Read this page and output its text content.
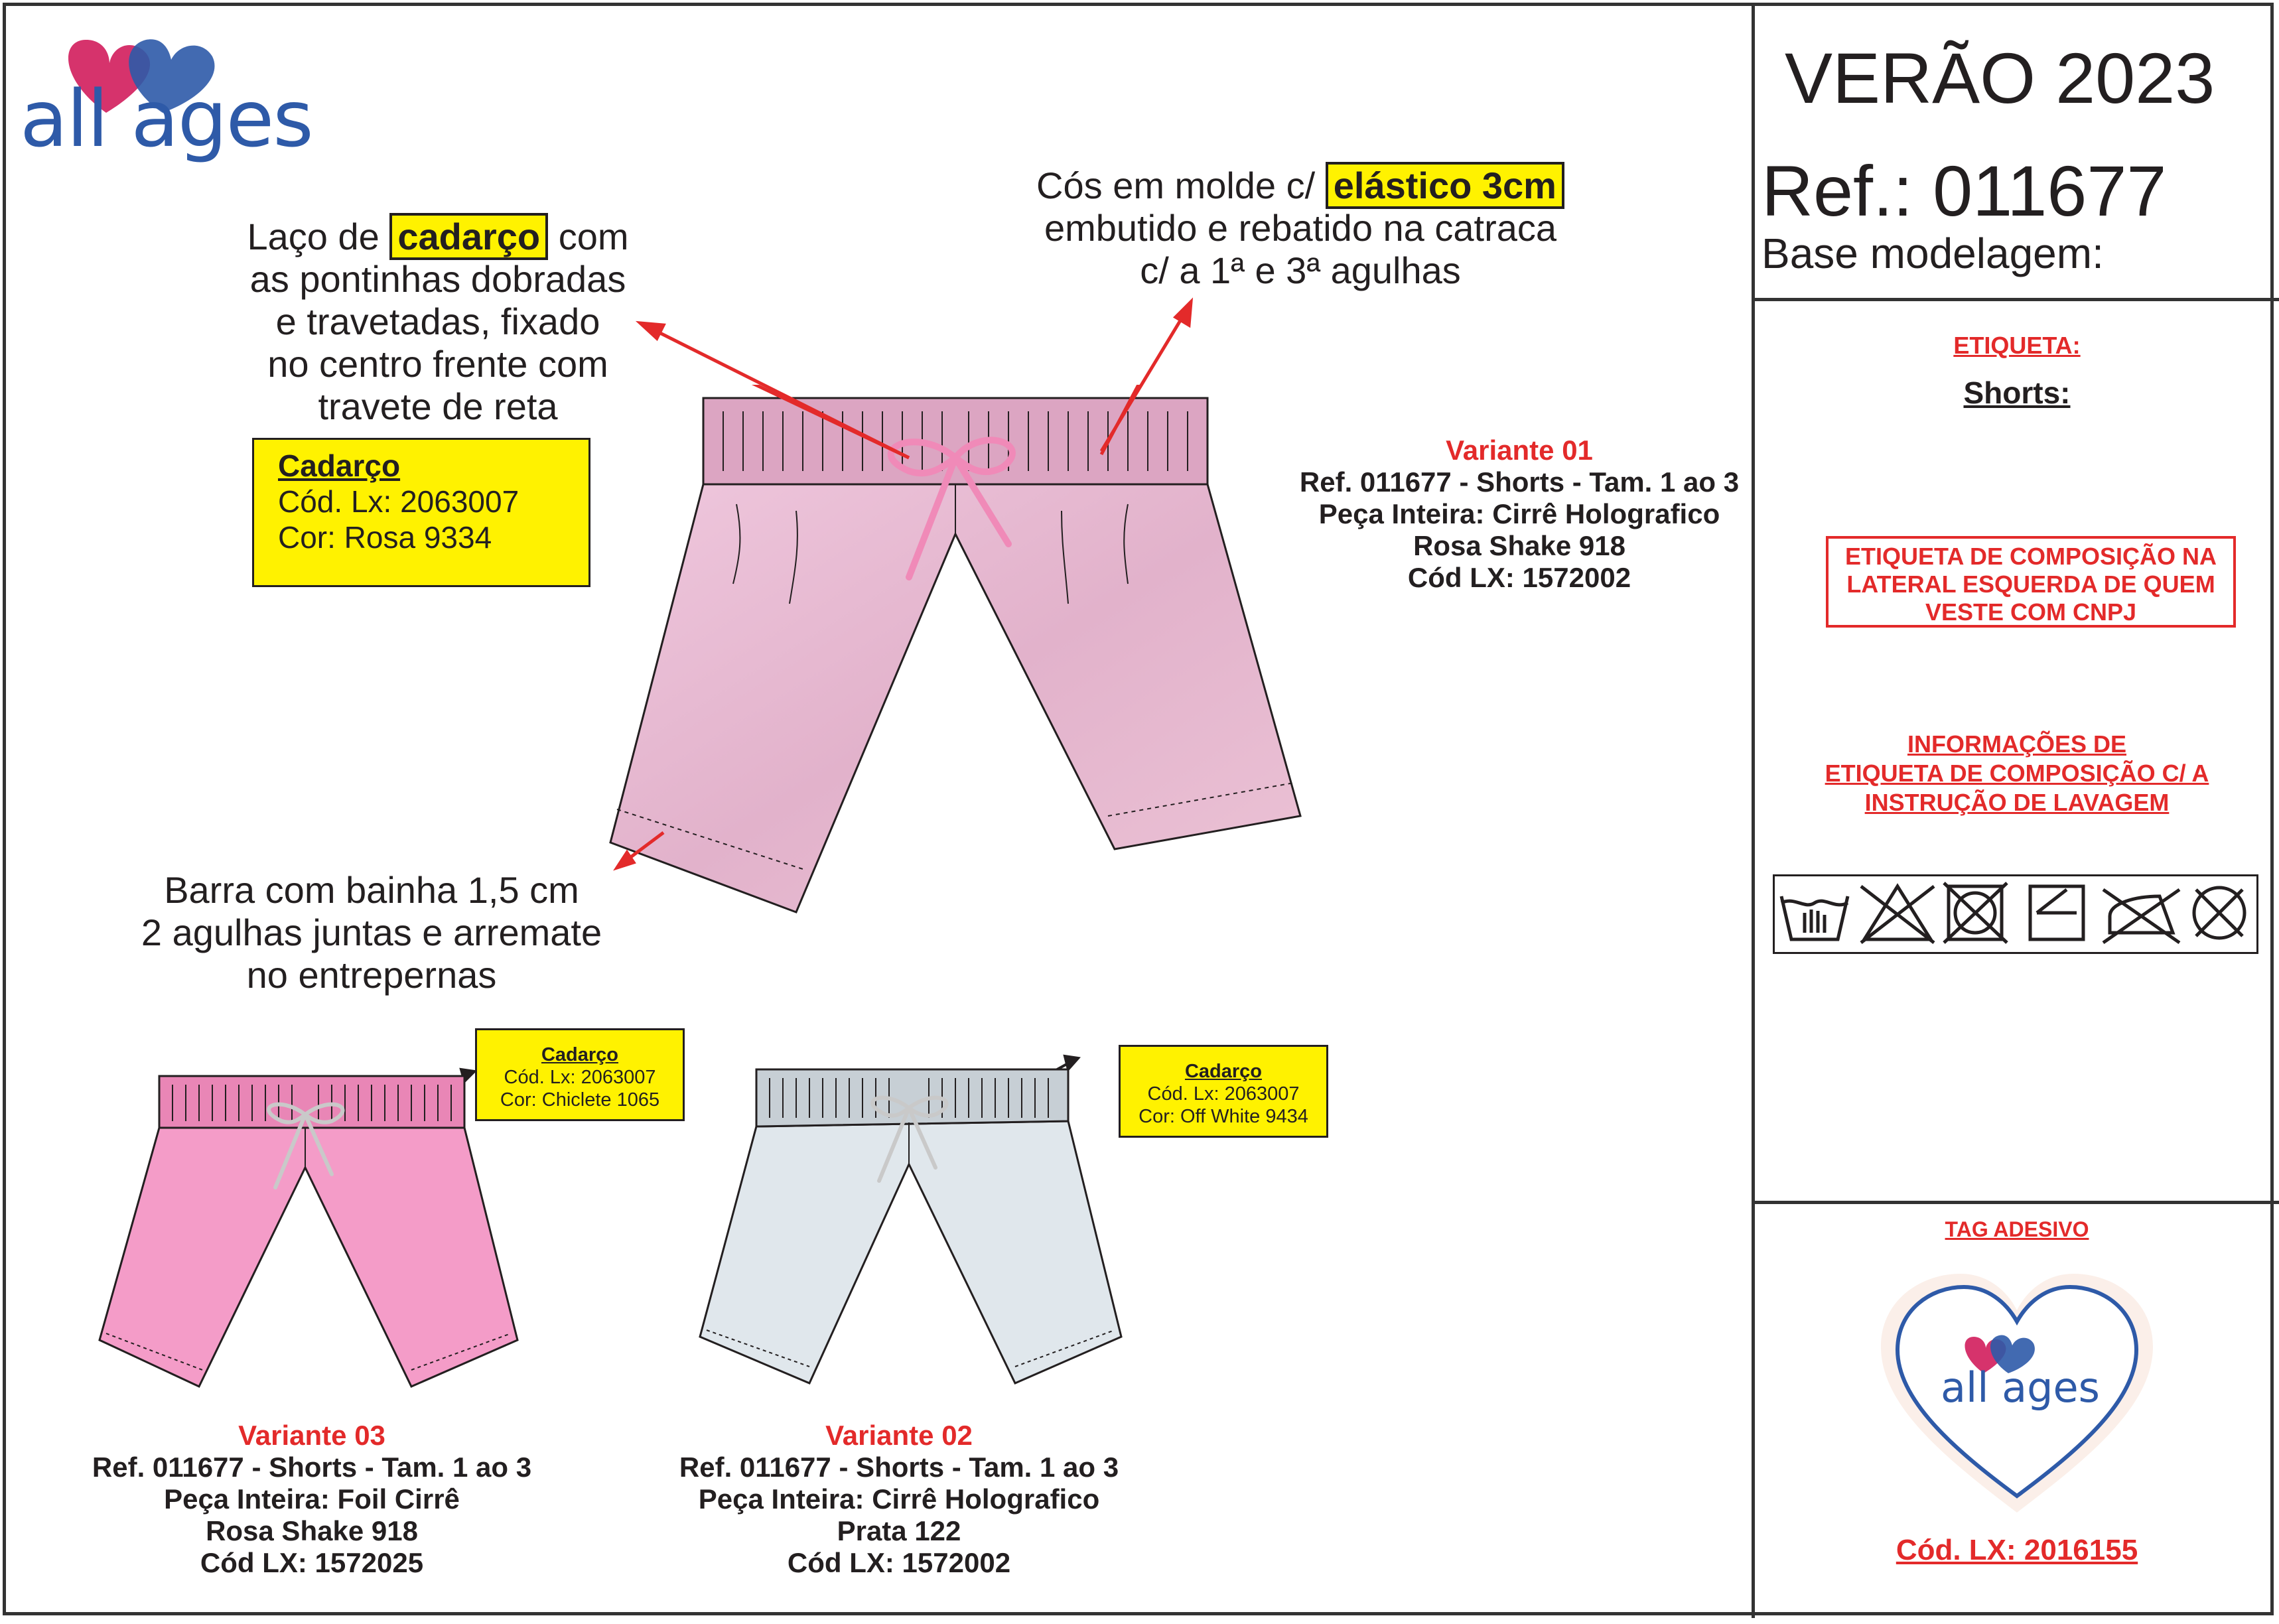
all ages
Laço de cadarço com
as pontinhas dobradas
e travetadas, fixado
no centro frente com
travete de reta
Cadarço
Cód. Lx: 2063007
Cor: Rosa 9334
Cós em molde c/ elástico 3cm
embutido e rebatido na catraca
c/ a 1ª e 3ª agulhas
Variante 01
Ref. 011677 - Shorts - Tam. 1 ao 3
Peça Inteira: Cirrê Holografico
Rosa Shake 918
Cód LX: 1572002
Barra com bainha 1,5 cm
2 agulhas juntas e arremate
no entrepernas
Cadarço
Cód. Lx: 2063007
Cor: Chiclete 1065
Cadarço
Cód. Lx: 2063007
Cor: Off White 9434
Variante 03
Ref. 011677 - Shorts - Tam. 1 ao 3
Peça Inteira: Foil Cirrê
Rosa Shake 918
Cód LX: 1572025
Variante 02
Ref. 011677 - Shorts - Tam. 1 ao 3
Peça Inteira: Cirrê Holografico
Prata 122
Cód LX: 1572002
VERÃO 2023
Ref.: 011677
Base modelagem:
ETIQUETA:
Shorts:
ETIQUETA DE COMPOSIÇÃO NA
LATERAL ESQUERDA DE QUEM
VESTE COM CNPJ
INFORMAÇÕES DE
ETIQUETA DE COMPOSIÇÃO C/ A
INSTRUÇÃO DE LAVAGEM
TAG ADESIVO
all ages
Cód. LX: 2016155
